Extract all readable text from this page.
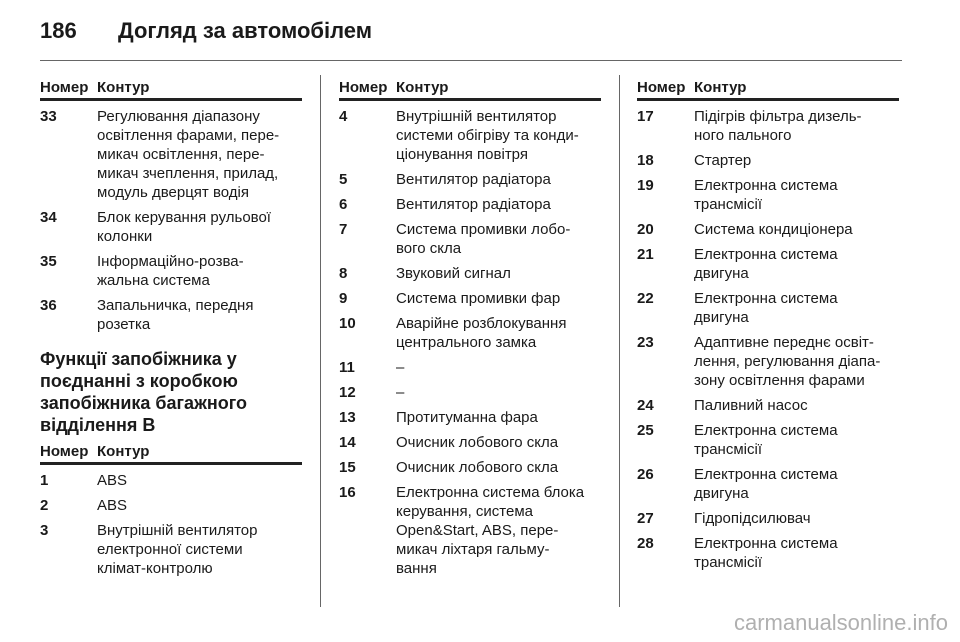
186 Догляд за автомобілем
Номер Контур
33	Регулювання діапазону
освітлення фарами, пере-
микач освітлення, пере-
микач зчеплення, прилад,
модуль дверцят водія
34	Блок керування рульової
колонки
35	Інформаційно-розва-
жальна система
36	Запальничка, передня
розетка
Функції запобіжника у
поєднанні з коробкою
запобіжника багажного
відділення B
Номер Контур
1	ABS
2	ABS
3	Внутрішній вентилятор
електронної системи
клімат-контролю
Номер Контур
4	Внутрішній вентилятор
системи обігріву та конди-
ціонування повітря
5	Вентилятор радіатора
6	Вентилятор радіатора
7	Система промивки лобо-
вого скла
8	Звуковий сигнал
9	Система промивки фар
10	Аварійне розблокування
центрального замка
11	–
12	–
13	Протитуманна фара
14	Очисник лобового скла
15	Очисник лобового скла
16	Електронна система блока
керування, система
Open&Start, ABS, пере-
микач ліхтаря гальму-
вання
Номер Контур
17	Підігрів фільтра дизель-
ного пального
18	Стартер
19	Електронна система
трансмісії
20	Система кондиціонера
21	Електронна система
двигуна
22	Електронна система
двигуна
23	Адаптивне переднє освіт-
лення, регулювання діапа-
зону освітлення фарами
24	Паливний насос
25	Електронна система
трансмісії
26	Електронна система
двигуна
27	Гідропідсилювач
28	Електронна система
трансмісії
carmanualsonline.info
